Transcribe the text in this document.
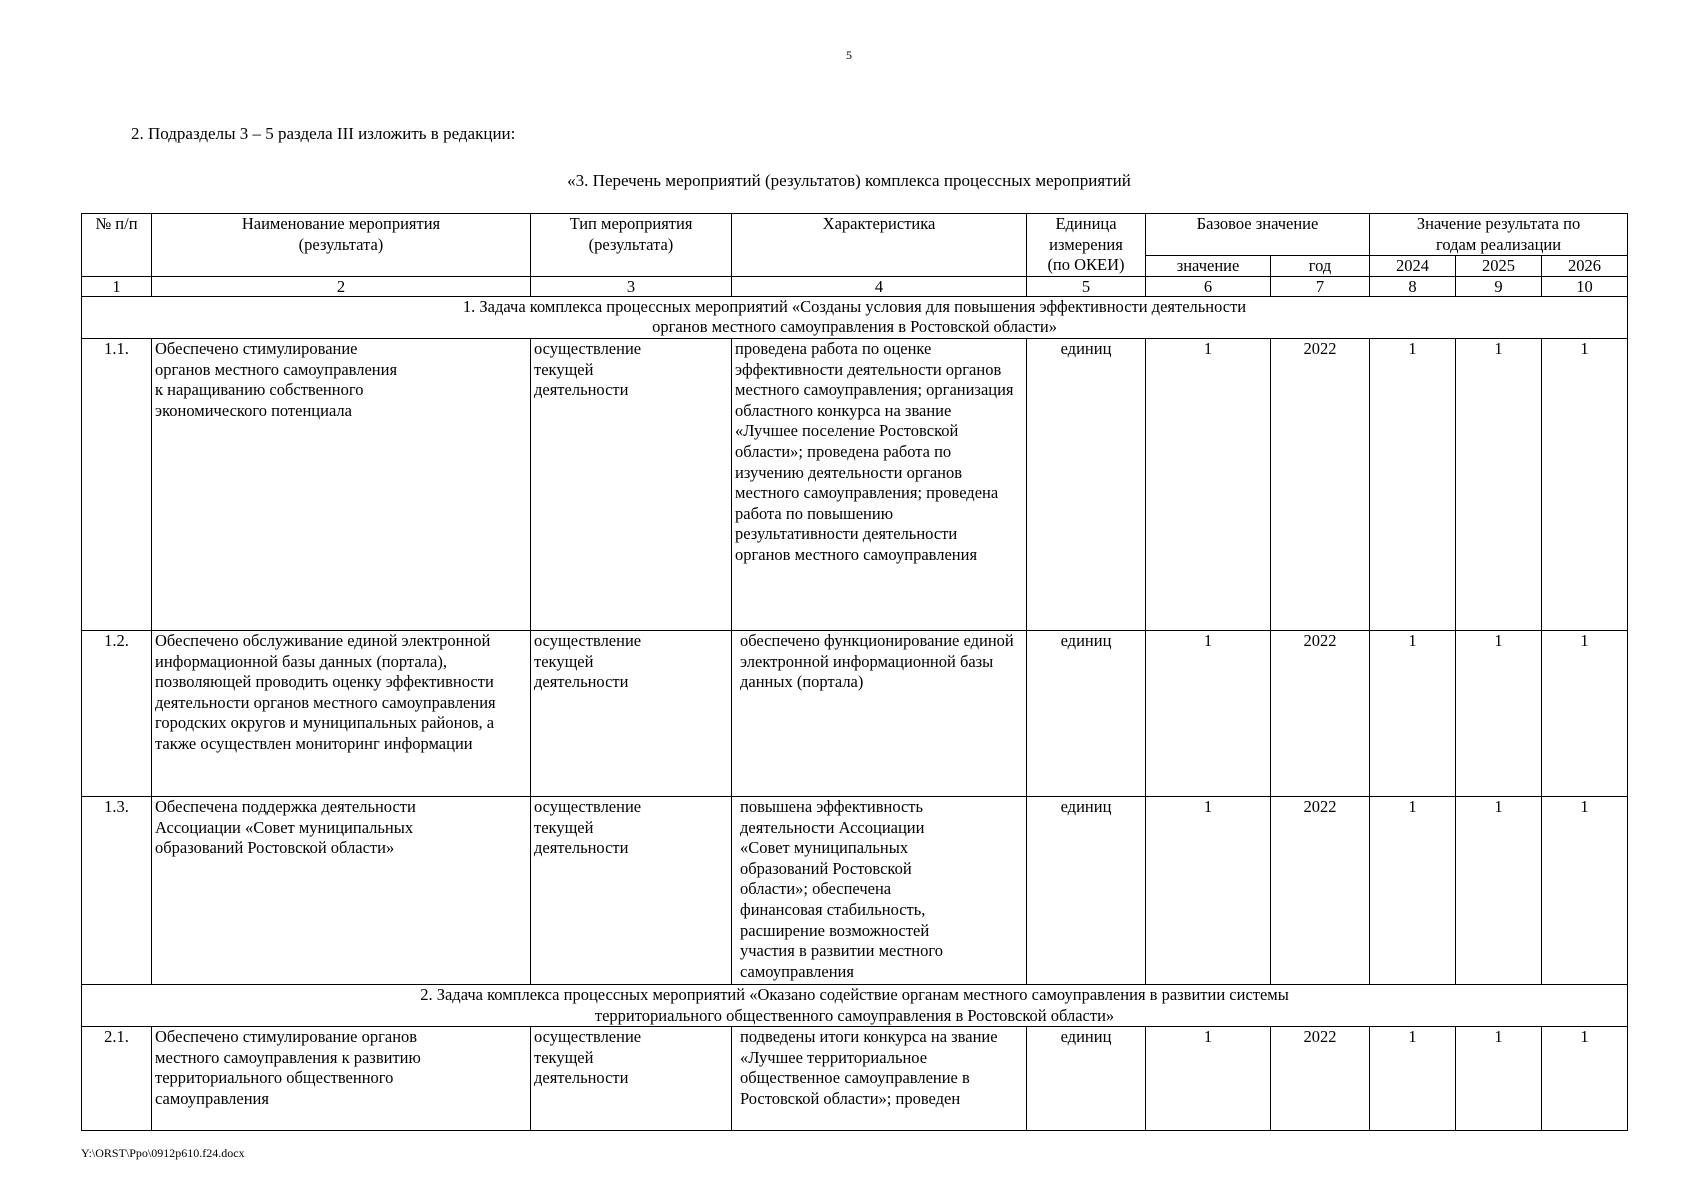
5
2. Подразделы 3 – 5 раздела III изложить в редакции:
«3. Перечень мероприятий (результатов) комплекса процессных мероприятий
№ п/п	Наименование мероприятия (результата)	Тип мероприятия (результата)	Характеристика	Единица измерения (по ОКЕИ)	Базовое значение		Значение результата по годам реализации		
					значение	год	2024	2025	2026
1	2	3	4	5	6	7	8	9	10
1. Задача комплекса процессных мероприятий «Созданы условия для повышения эффективности деятельности органов местного самоуправления в Ростовской области»									
1.1.	Обеспечено стимулирование органов местного самоуправления к наращиванию собственного экономического потенциала	осуществление текущей деятельности	проведена работа по оценке эффективности деятельности органов местного самоуправления; организация областного конкурса на звание «Лучшее поселение Ростовской области»; проведена работа по изучению деятельности органов местного самоуправления; проведена работа по повышению результативности деятельности органов местного самоуправления	единиц	1	2022	1	1	1
1.2.	Обеспечено обслуживание единой электронной информационной базы данных (портала), позволяющей проводить оценку эффективности деятельности органов местного самоуправления городских округов и муниципальных районов, а также осуществлен мониторинг информации	осуществление текущей деятельности	обеспечено функционирование единой электронной информационной базы данных (портала)	единиц	1	2022	1	1	1
1.3.	Обеспечена поддержка деятельности Ассоциации «Совет муниципальных образований Ростовской области»	осуществление текущей деятельности	повышена эффективность деятельности Ассоциации «Совет муниципальных образований Ростовской области»; обеспечена финансовая стабильность, расширение возможностей участия в развитии местного самоуправления	единиц	1	2022	1	1	1
2. Задача комплекса процессных мероприятий «Оказано содействие органам местного самоуправления в развитии системы территориального общественного самоуправления в Ростовской области»									
2.1.	Обеспечено стимулирование органов местного самоуправления к развитию территориального общественного самоуправления	осуществление текущей деятельности	подведены итоги конкурса на звание «Лучшее территориальное общественное самоуправление в Ростовской области»; проведен	единиц	1	2022	1	1	1
Y:\ORST\Ppo\0912p610.f24.docx
